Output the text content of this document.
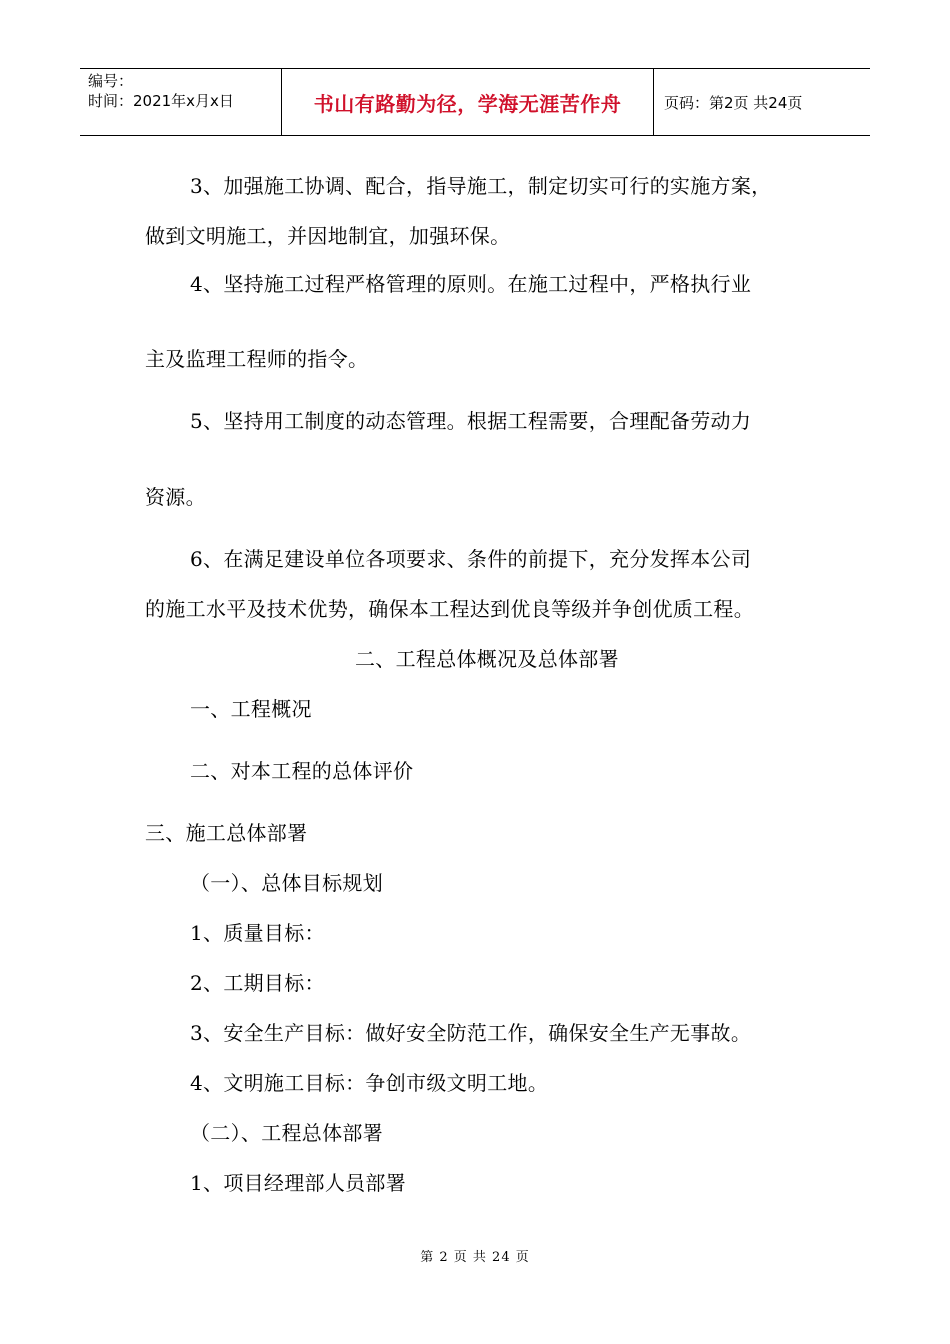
编号：
时间：2021年x月x日	书山有路勤为径，学海无涯苦作舟	页码：第2页 共24页
3、加强施工协调、配合，指导施工，制定切实可行的实施方案，
做到文明施工，并因地制宜，加强环保。
4、坚持施工过程严格管理的原则。在施工过程中，严格执行业
主及监理工程师的指令。
5、坚持用工制度的动态管理。根据工程需要，合理配备劳动力
资源。
6、在满足建设单位各项要求、条件的前提下，充分发挥本公司
的施工水平及技术优势，确保本工程达到优良等级并争创优质工程。
二、工程总体概况及总体部署
一、工程概况
二、对本工程的总体评价
三、施工总体部署
（一）、总体目标规划
1、质量目标：
2、工期目标：
3、安全生产目标：做好安全防范工作，确保安全生产无事故。
4、文明施工目标：争创市级文明工地。
（二）、工程总体部署
1、项目经理部人员部署
第 2 页 共 24 页
